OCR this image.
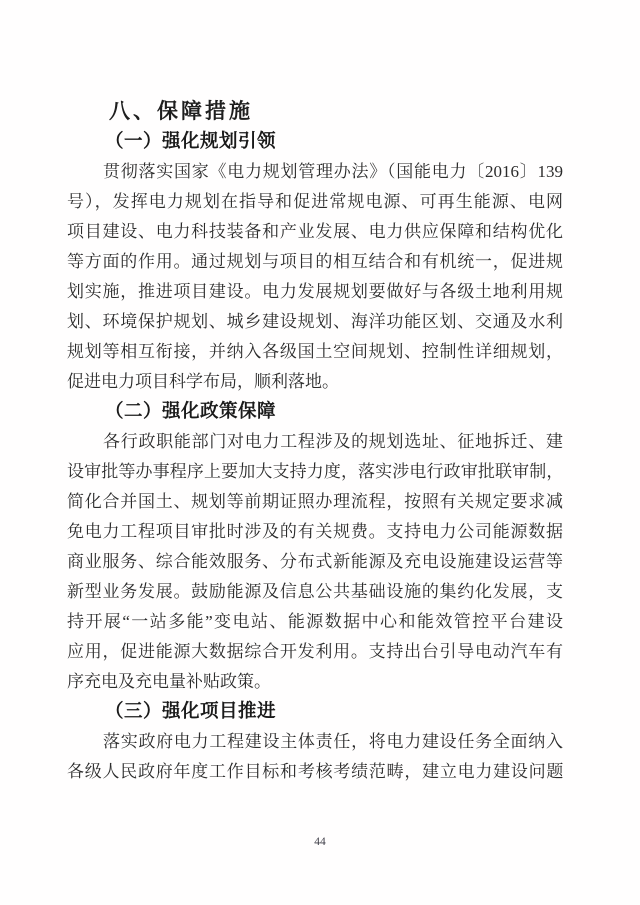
八、保障措施
（一）强化规划引领
贯彻落实国家《电力规划管理办法》（国能电力〔2016〕139
号），发挥电力规划在指导和促进常规电源、可再生能源、电网
项目建设、电力科技装备和产业发展、电力供应保障和结构优化
等方面的作用。通过规划与项目的相互结合和有机统一，促进规
划实施，推进项目建设。电力发展规划要做好与各级土地利用规
划、环境保护规划、城乡建设规划、海洋功能区划、交通及水利
规划等相互衔接，并纳入各级国土空间规划、控制性详细规划，
促进电力项目科学布局，顺利落地。
（二）强化政策保障
各行政职能部门对电力工程涉及的规划选址、征地拆迁、建
设审批等办事程序上要加大支持力度，落实涉电行政审批联审制，
简化合并国土、规划等前期证照办理流程，按照有关规定要求减
免电力工程项目审批时涉及的有关规费。支持电力公司能源数据
商业服务、综合能效服务、分布式新能源及充电设施建设运营等
新型业务发展。鼓励能源及信息公共基础设施的集约化发展，支
持开展“一站多能”变电站、能源数据中心和能效管控平台建设
应用，促进能源大数据综合开发利用。支持出台引导电动汽车有
序充电及充电量补贴政策。
（三）强化项目推进
落实政府电力工程建设主体责任，将电力建设任务全面纳入
各级人民政府年度工作目标和考核考绩范畴，建立电力建设问题
44
